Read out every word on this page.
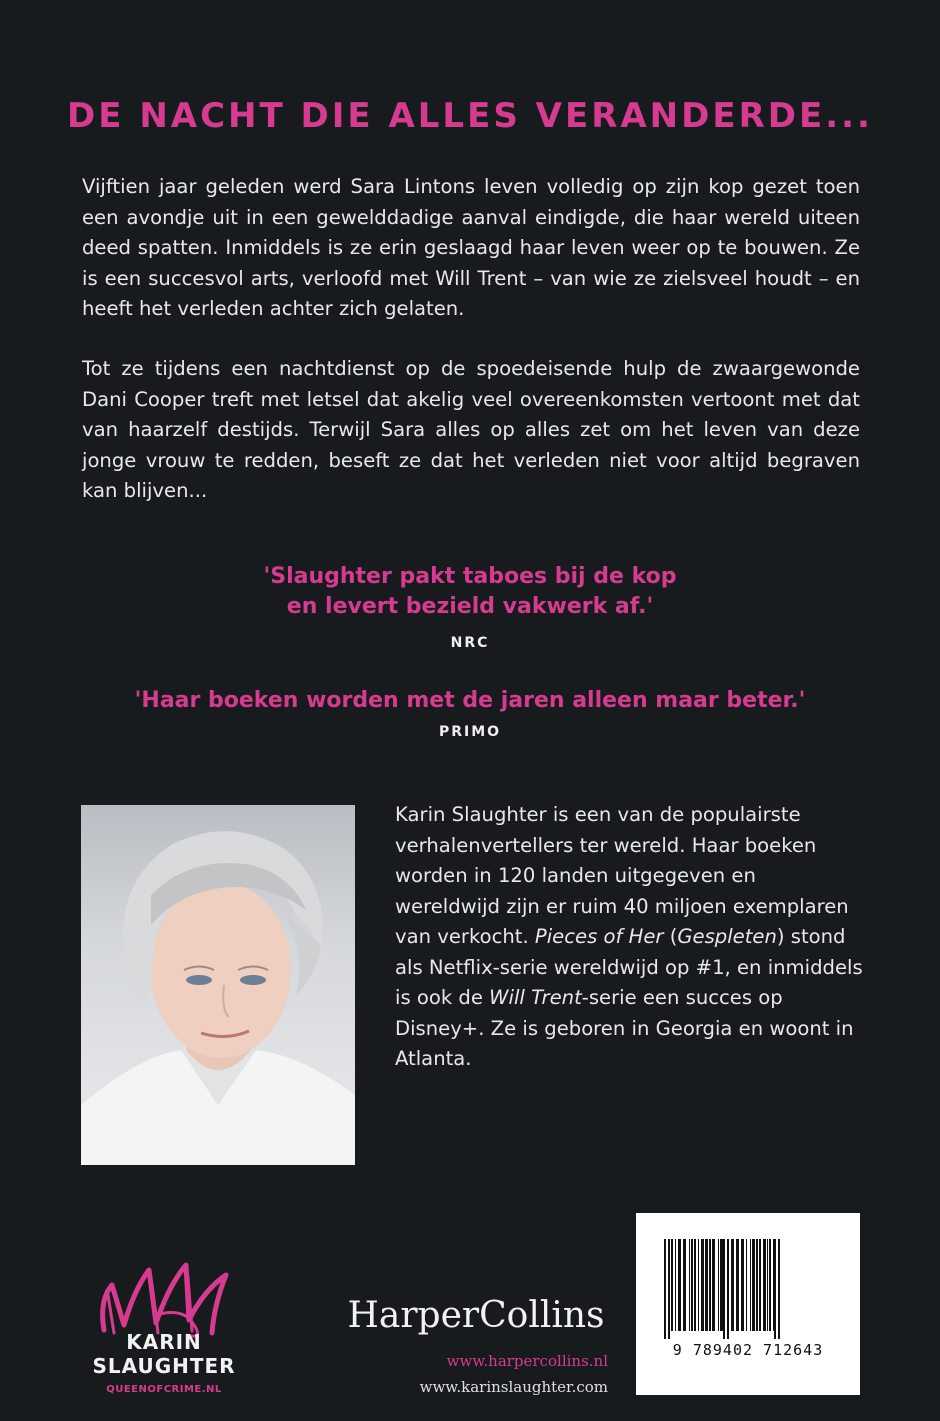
DE NACHT DIE ALLES VERANDERDE...

Vijftien jaar geleden werd Sara Lintons leven volledig op zijn kop gezet toen een avondje uit in een gewelddadige aanval eindigde, die haar wereld uiteen deed spatten. Inmiddels is ze erin geslaagd haar leven weer op te bouwen. Ze is een succesvol arts, verloofd met Will Trent – van wie ze zielsveel houdt – en heeft het verleden achter zich gelaten.

Tot ze tijdens een nachtdienst op de spoedeisende hulp de zwaargewonde Dani Cooper treft met letsel dat akelig veel overeenkomsten vertoont met dat van haarzelf destijds. Terwijl Sara alles op alles zet om het leven van deze jonge vrouw te redden, beseft ze dat het verleden niet voor altijd begraven kan blijven...

'Slaughter pakt taboes bij de kop
en levert bezield vakwerk af.'
NRC
'Haar boeken worden met de jaren alleen maar beter.'
PRIMO

Karin Slaughter is een van de populairste verhalenvertellers ter wereld. Haar boeken worden in 120 landen uitgegeven en wereldwijd zijn er ruim 40 miljoen exemplaren van verkocht. Pieces of Her (Gespleten) stond als Netflix-serie wereldwijd op #1, en inmiddels is ook de Will Trent-serie een succes op Disney+. Ze is geboren in Georgia en woont in Atlanta.

KARIN
SLAUGHTER
QUEENOFCRIME.NL
HarperCollins
www.harpercollins.nl
www.karinslaughter.com
9 789402 712643
